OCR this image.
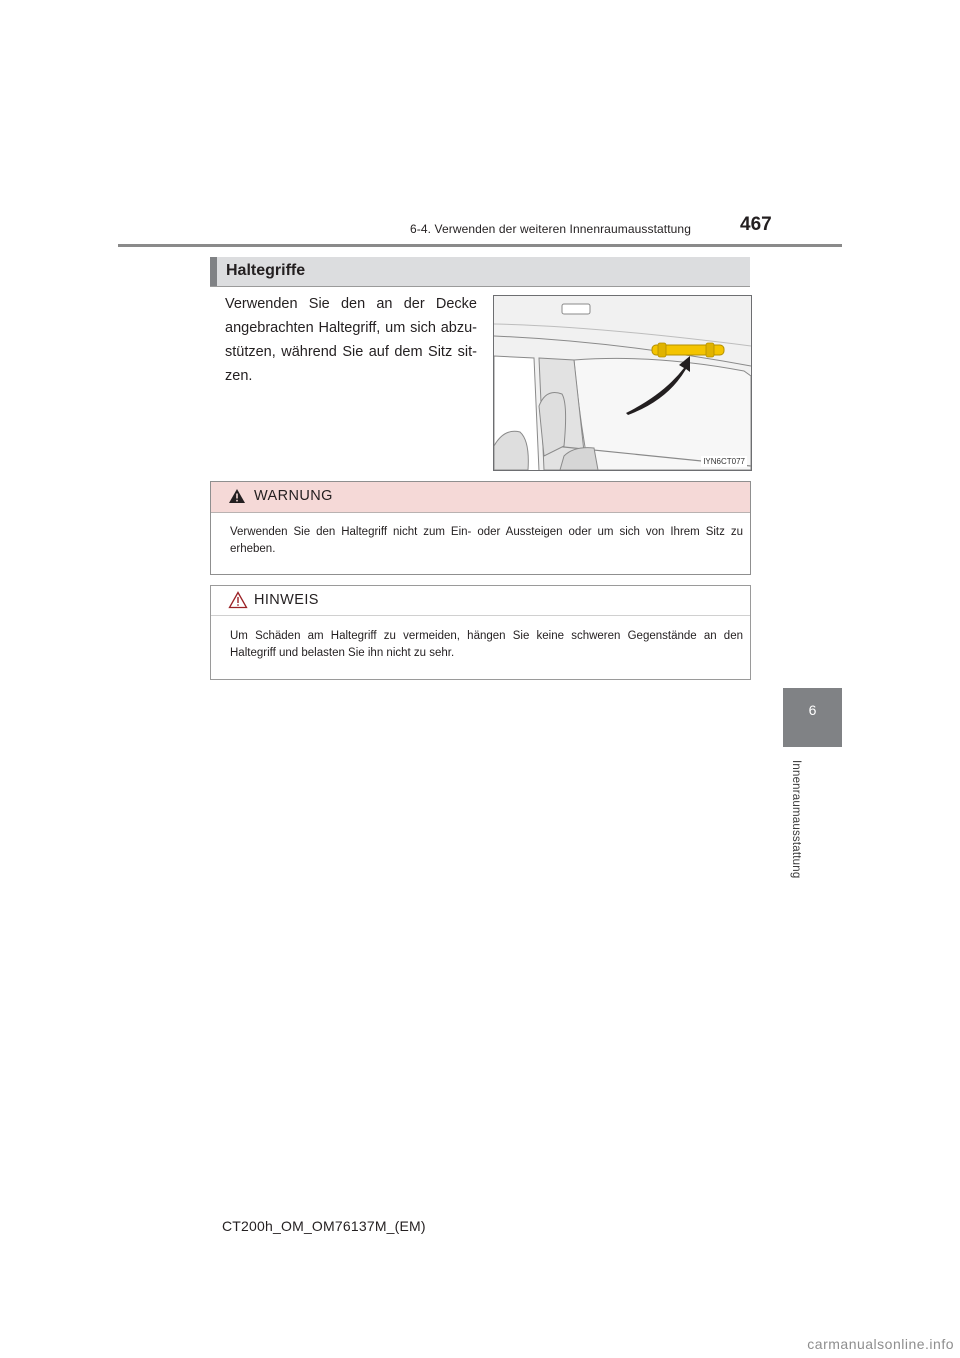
6-4. Verwenden der weiteren Innenraumausstattung	467
6
Innenraumausstattung
Haltegriffe
Verwenden Sie den an der Decke angebrachten Haltegriff, um sich abzu-stützen, während Sie auf dem Sitz sit-zen.
IYN6CT077
WARNUNG
Verwenden Sie den Haltegriff nicht zum Ein- oder Aussteigen oder um sich von Ihrem Sitz zu erheben.
HINWEIS
Um Schäden am Haltegriff zu vermeiden, hängen Sie keine schweren Gegenstände an den Haltegriff und belasten Sie ihn nicht zu sehr.
CT200h_OM_OM76137M_(EM)
carmanualsonline.info
